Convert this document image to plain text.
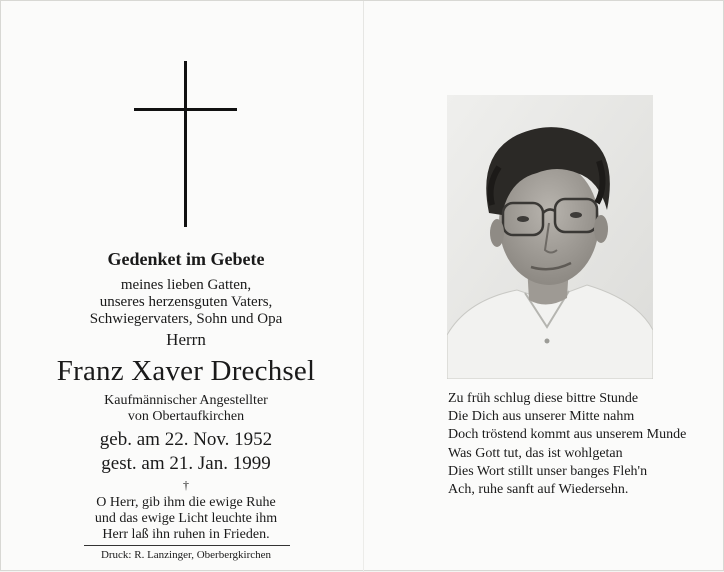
Gedenket im Gebete
meines lieben Gatten,
unseres herzensguten Vaters,
Schwiegervaters, Sohn und Opa
Herrn
Franz Xaver Drechsel
Kaufmännischer Angestellter
von Obertaufkirchen
geb. am 22. Nov. 1952
gest. am 21. Jan. 1999
†
O Herr, gib ihm die ewige Ruhe
und das ewige Licht leuchte ihm
Herr laß ihn ruhen in Frieden.
Druck: R. Lanzinger, Oberbergkirchen
Zu früh schlug diese bittre Stunde
Die Dich aus unserer Mitte nahm
Doch tröstend kommt aus unserem Munde
Was Gott tut, das ist wohlgetan
Dies Wort stillt unser banges Fleh'n
Ach, ruhe sanft auf Wiedersehn.
